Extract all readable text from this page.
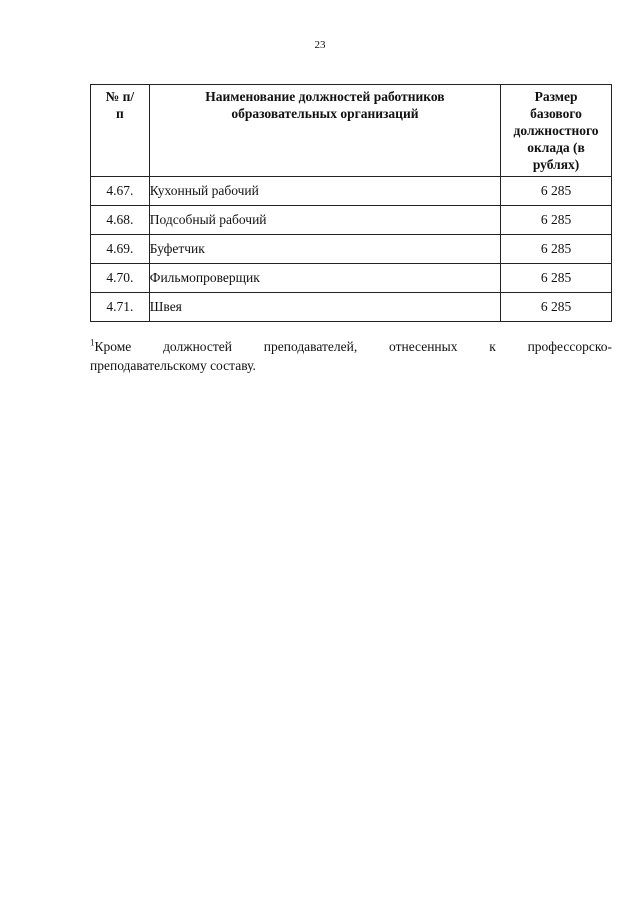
23
№ п/п	Наименование должностей работников образовательных организаций	Размер базового должностного оклада (в рублях)

4.67.	Кухонный рабочий	6 285
4.68.	Подсобный рабочий	6 285
4.69.	Буфетчик	6 285
4.70.	Фильмопроверщик	6 285
4.71.	Швея	6 285
$^1$Кроме должностей преподавателей, отнесенных к профессорско-
преподавательскому составу.
